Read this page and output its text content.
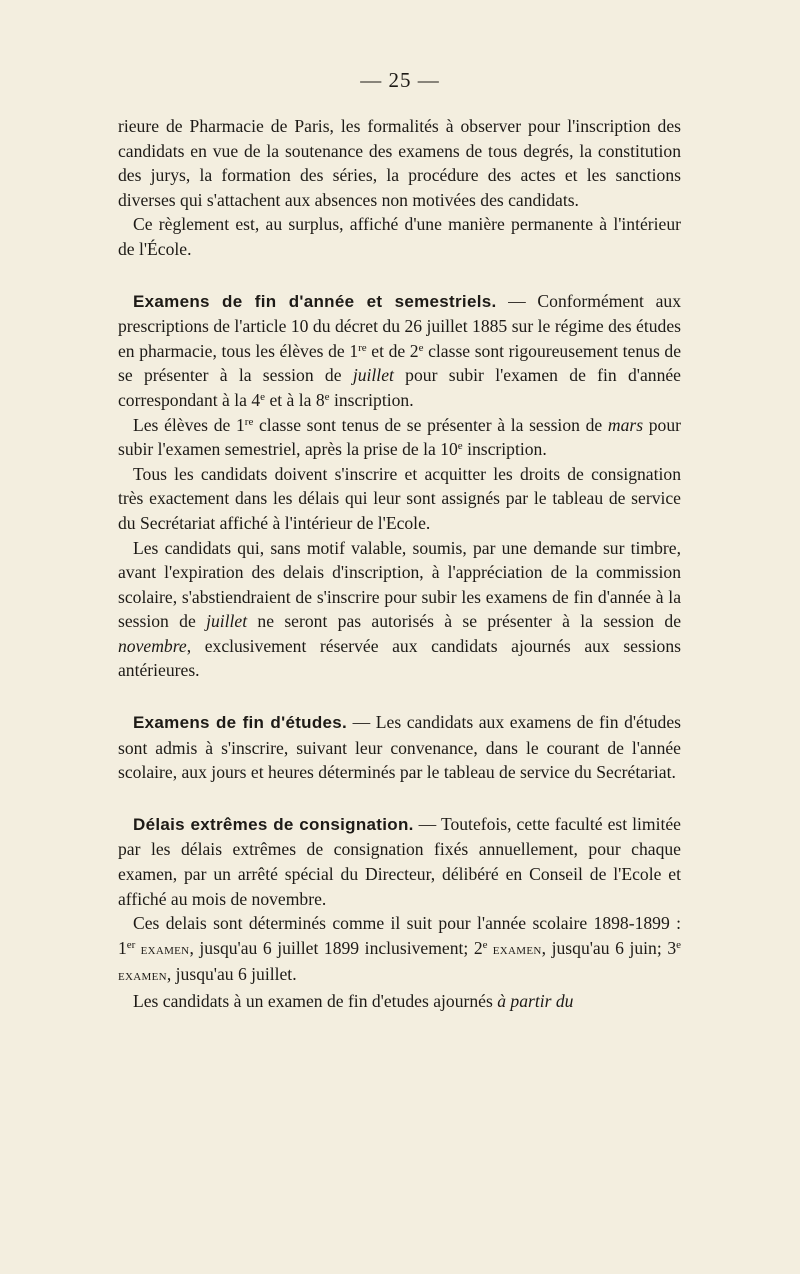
— 25 —

rieure de Pharmacie de Paris, les formalités à observer pour l'inscription des candidats en vue de la soutenance des examens de tous degrés, la constitution des jurys, la formation des séries, la procédure des actes et les sanctions diverses qui s'attachent aux absences non motivées des candidats.

Ce règlement est, au surplus, affiché d'une manière permanente à l'intérieur de l'École.

Examens de fin d'année et semestriels. — Conformément aux prescriptions de l'article 10 du décret du 26 juillet 1885 sur le régime des études en pharmacie, tous les élèves de 1re et de 2e classe sont rigoureusement tenus de se présenter à la session de juillet pour subir l'examen de fin d'année correspondant à la 4e et à la 8e inscription.

Les élèves de 1re classe sont tenus de se présenter à la session de mars pour subir l'examen semestriel, après la prise de la 10e inscription.

Tous les candidats doivent s'inscrire et acquitter les droits de consignation très exactement dans les délais qui leur sont assignés par le tableau de service du Secrétariat affiché à l'intérieur de l'Ecole.

Les candidats qui, sans motif valable, soumis, par une demande sur timbre, avant l'expiration des delais d'inscription, à l'appréciation de la commission scolaire, s'abstiendraient de s'inscrire pour subir les examens de fin d'année à la session de juillet ne seront pas autorisés à se présenter à la session de novembre, exclusivement réservée aux candidats ajournés aux sessions antérieures.

Examens de fin d'études. — Les candidats aux examens de fin d'études sont admis à s'inscrire, suivant leur convenance, dans le courant de l'année scolaire, aux jours et heures déterminés par le tableau de service du Secrétariat.

Délais extrêmes de consignation. — Toutefois, cette faculté est limitée par les délais extrêmes de consignation fixés annuellement, pour chaque examen, par un arrêté spécial du Directeur, délibéré en Conseil de l'Ecole et affiché au mois de novembre.

Ces delais sont déterminés comme il suit pour l'année scolaire 1898-1899 : 1er examen, jusqu'au 6 juillet 1899 inclusivement; 2e examen, jusqu'au 6 juin; 3e examen, jusqu'au 6 juillet.

Les candidats à un examen de fin d'etudes ajournés à partir du
